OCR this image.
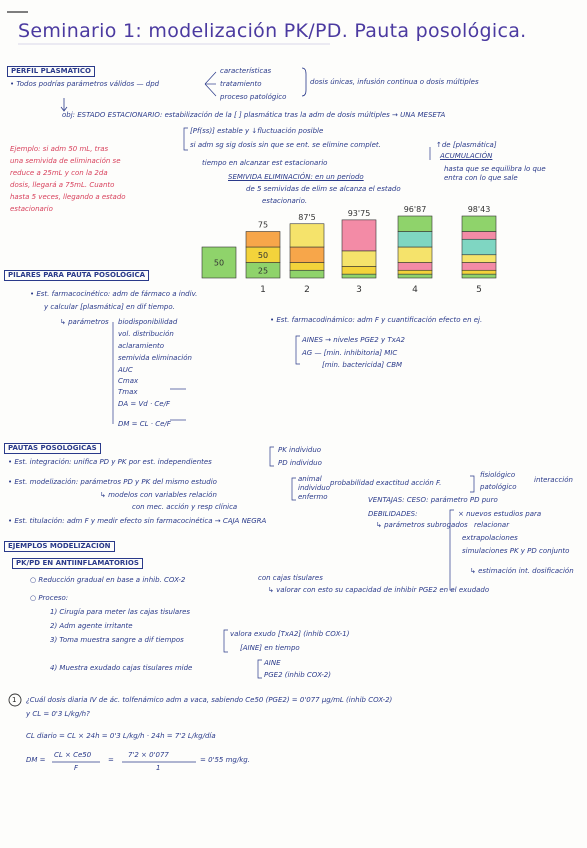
Seminario 1: modelización PK/PD. Pauta posológica.
PERFIL PLASMÁTICO
• Todos podrías parámetros válidos — dpd
características
tratamiento
proceso patológico
dosis únicas, infusión continua o dosis múltiples
obj: ESTADO ESTACIONARIO: estabilización de la [ ] plasmática tras la adm de dosis múltiples → UNA MESETA
[Pf(ss)] estable y ↓fluctuación posible
si adm sg sig dosis sin que se ent. se elimine complet.	↑de [plasmática]
ACUMULACIÓN
tiempo en alcanzar est estacionario
hasta que se equilibra lo que entra con lo que sale
SEMIVIDA ELIMINACIÓN: en un periodo
de 5 semividas de elim se alcanza el estado
estacionario.
Ejemplo: si adm 50 mL, tras
una semivida de eliminación se
reduce a 25mL y con la 2da
dosis, llegará a 75mL. Cuanto
hasta 5 veces, llegando a estado
estacionario
50
25
50
75
1
87'5
2
93'75
3
96'87
4
98'43
5
PILARES PARA PAUTA POSOLÓGICA
• Est. farmacocinético: adm de fármaco a indiv.
y calcular [plasmática] en dif tiempo.
↳ parámetros biodisponibilidad
vol. distribución
aclaramiento
semivida eliminación
AUC
Cmax
Tmax
DA = Vd · Ce/F
DM = CL · Ce/F
• Est. farmacodinámico: adm F y cuantificación efecto en ej.
AINES → niveles PGE2 y TxA2
AG — [min. inhibitoria] MIC
[min. bactericida] CBM
PAUTAS POSOLÓGICAS
• Est. integración: unifica PD y PK por est. independientes
PK individuo
PD individuo
• Est. modelización: parámetros PD y PK del mismo estudio	animal
individuo
enfermo
probabilidad exactitud acción F.
fisiológico
patológico
interacción
↳ modelos con variables relación
con mec. acción y resp clínica
• Est. titulación: adm F y medir efecto sin farmacocinética → CAJA NEGRA
VENTAJAS: CESO: parámetro PD puro
DEBILIDADES:
↳ parámetros subrogados
× nuevos estudios para
relacionar
extrapolaciones
simulaciones PK y PD conjunto
↳ estimación int. dosificación
EJEMPLOS MODELIZACIÓN
PK/PD EN ANTIINFLAMATORIOS
○ Reducción gradual en base a inhib. COX-2	con cajas tisulares
↳ valorar con esto su capacidad de inhibir PGE2 en el exudado
○ Proceso:
1) Cirugía para meter las cajas tisulares
2) Adm agente irritante
3) Toma muestra sangre a dif tiempos
valora exudo [TxA2] (inhib COX-1)
[AINE] en tiempo
4) Muestra exudado cajas tisulares mide
AINE
PGE2 (inhib COX-2)
1 ¿Cuál dosis diaria IV de ác. tolfenámico adm a vaca, sabiendo Ce50 (PGE2) = 0'077 µg/mL (inhib COX-2)
y CL = 0'3 L/kg/h?
CL diario = CL × 24h = 0'3 L/kg/h · 24h = 7'2 L/kg/día
DM =
CL × Ce50
F
=
7'2 × 0'077
1
= 0'55 mg/kg.
